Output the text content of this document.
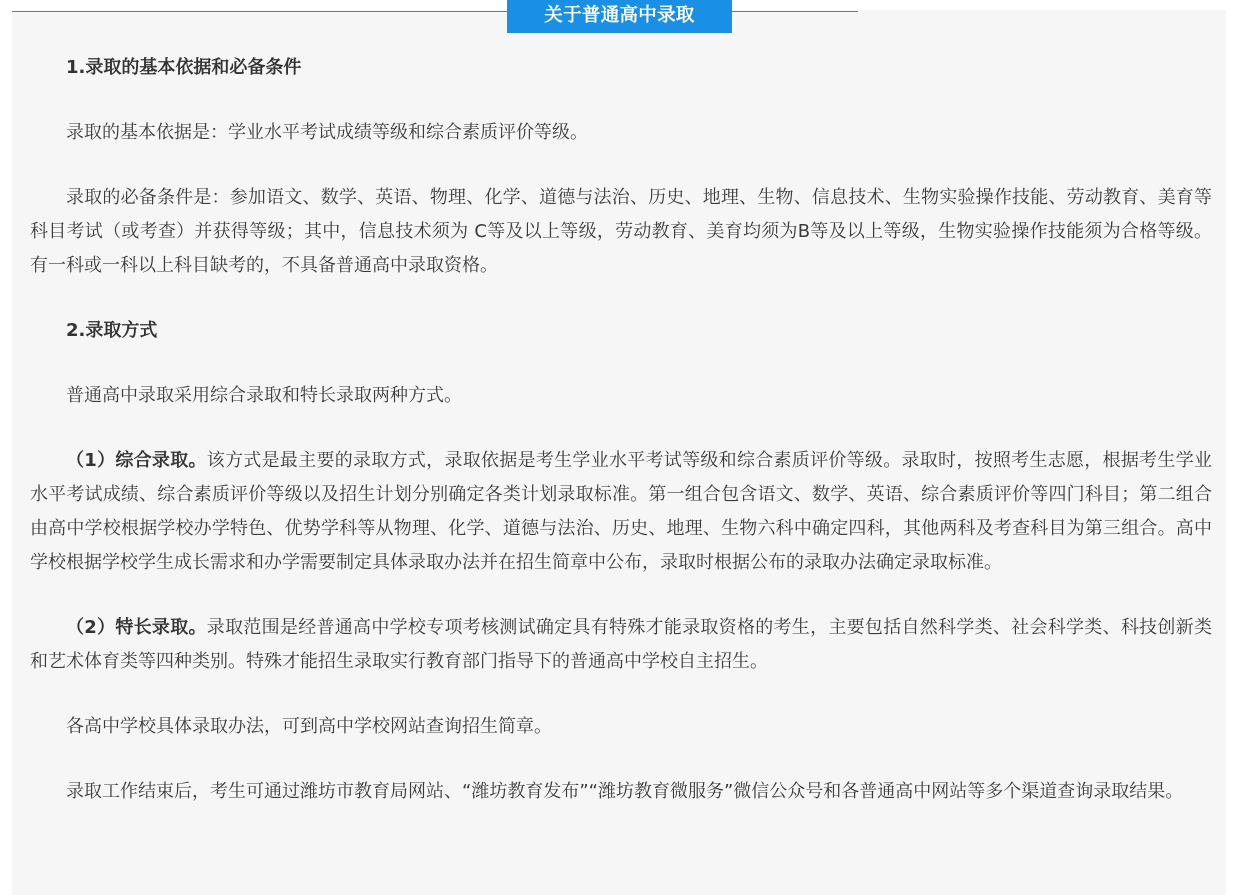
关于普通高中录取

1.录取的基本依据和必备条件

录取的基本依据是：学业水平考试成绩等级和综合素质评价等级。

录取的必备条件是：参加语文、数学、英语、物理、化学、道德与法治、历史、地理、生物、信息技术、生物实验操作技能、劳动教育、美育等科目考试（或考查）并获得等级；其中，信息技术须为 C等及以上等级，劳动教育、美育均须为B等及以上等级，生物实验操作技能须为合格等级。有一科或一科以上科目缺考的，不具备普通高中录取资格。

2.录取方式

普通高中录取采用综合录取和特长录取两种方式。

（1）综合录取。该方式是最主要的录取方式，录取依据是考生学业水平考试等级和综合素质评价等级。录取时，按照考生志愿，根据考生学业水平考试成绩、综合素质评价等级以及招生计划分别确定各类计划录取标准。第一组合包含语文、数学、英语、综合素质评价等四门科目；第二组合由高中学校根据学校办学特色、优势学科等从物理、化学、道德与法治、历史、地理、生物六科中确定四科，其他两科及考查科目为第三组合。高中学校根据学校学生成长需求和办学需要制定具体录取办法并在招生简章中公布，录取时根据公布的录取办法确定录取标准。

（2）特长录取。录取范围是经普通高中学校专项考核测试确定具有特殊才能录取资格的考生，主要包括自然科学类、社会科学类、科技创新类和艺术体育类等四种类别。特殊才能招生录取实行教育部门指导下的普通高中学校自主招生。

各高中学校具体录取办法，可到高中学校网站查询招生简章。

录取工作结束后，考生可通过潍坊市教育局网站、“潍坊教育发布”“潍坊教育微服务”微信公众号和各普通高中网站等多个渠道查询录取结果。
